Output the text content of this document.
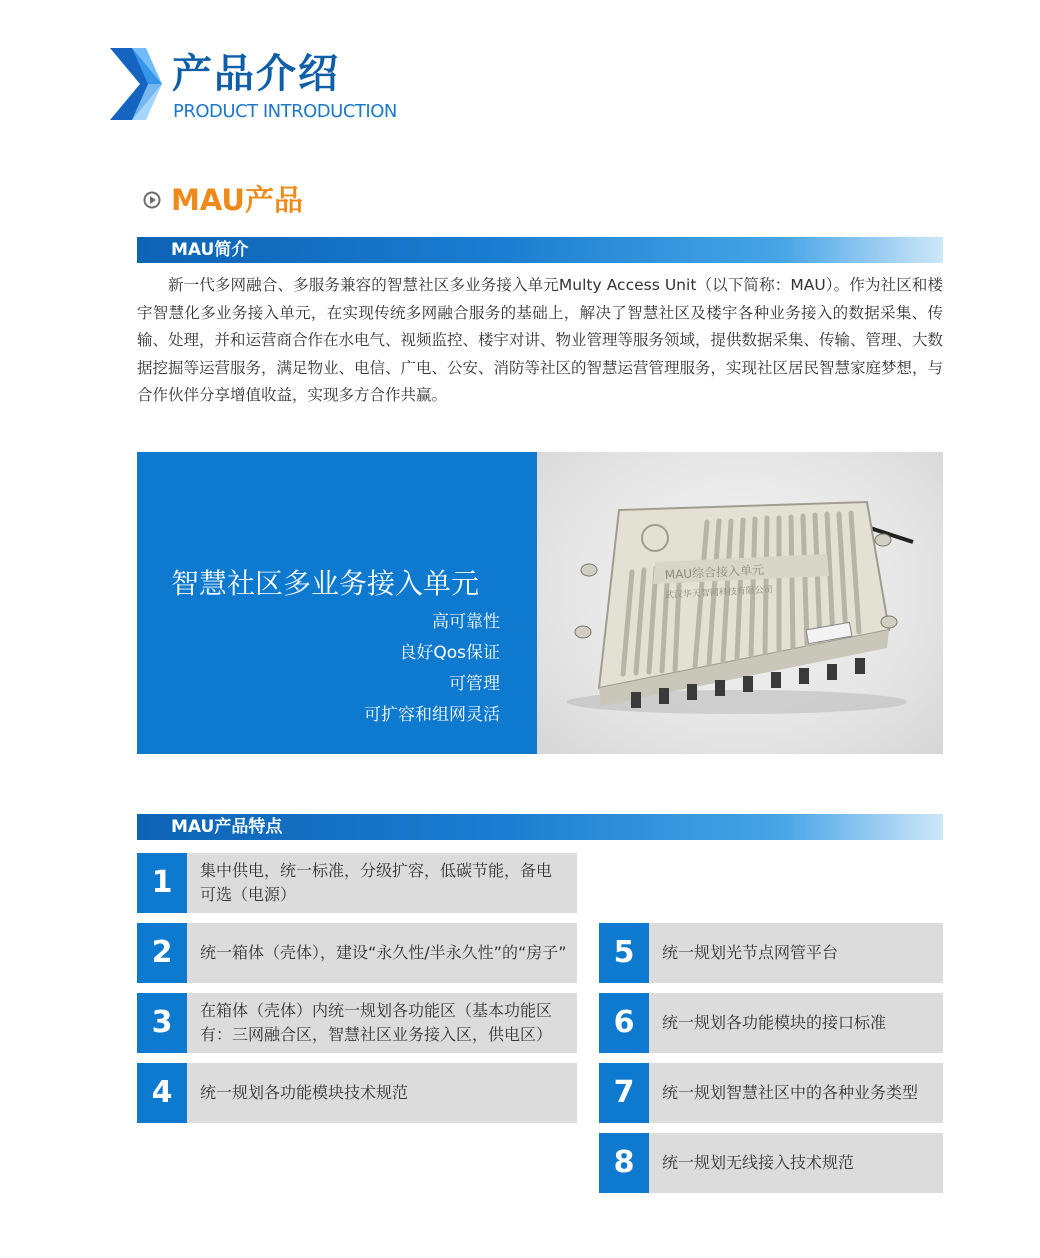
产品介绍
PRODUCT INTRODUCTION
MAU产品
MAU简介

新一代多网融合、多服务兼容的智慧社区多业务接入单元Multy Access Unit（以下简称：MAU）。作为社区和楼宇智慧化多业务接入单元，在实现传统多网融合服务的基础上，解决了智慧社区及楼宇各种业务接入的数据采集、传输、处理，并和运营商合作在水电气、视频监控、楼宇对讲、物业管理等服务领域，提供数据采集、传输、管理、大数据挖掘等运营服务，满足物业、电信、广电、公安、消防等社区的智慧运营管理服务，实现社区居民智慧家庭梦想，与合作伙伴分享增值收益，实现多方合作共赢。

智慧社区多业务接入单元
高可靠性
良好Qos保证
可管理
可扩容和组网灵活
MAU综合接入单元
武汉华天智网科技有限公司
MAU产品特点
1	集中供电，统一标准，分级扩容，低碳节能，备电可选（电源）
2	统一箱体（壳体），建设“永久性/半永久性”的“房子”
3	在箱体（壳体）内统一规划各功能区（基本功能区有：三网融合区，智慧社区业务接入区，供电区）
4	统一规划各功能模块技术规范
5	统一规划光节点网管平台
6	统一规划各功能模块的接口标准
7	统一规划智慧社区中的各种业务类型
8	统一规划无线接入技术规范
